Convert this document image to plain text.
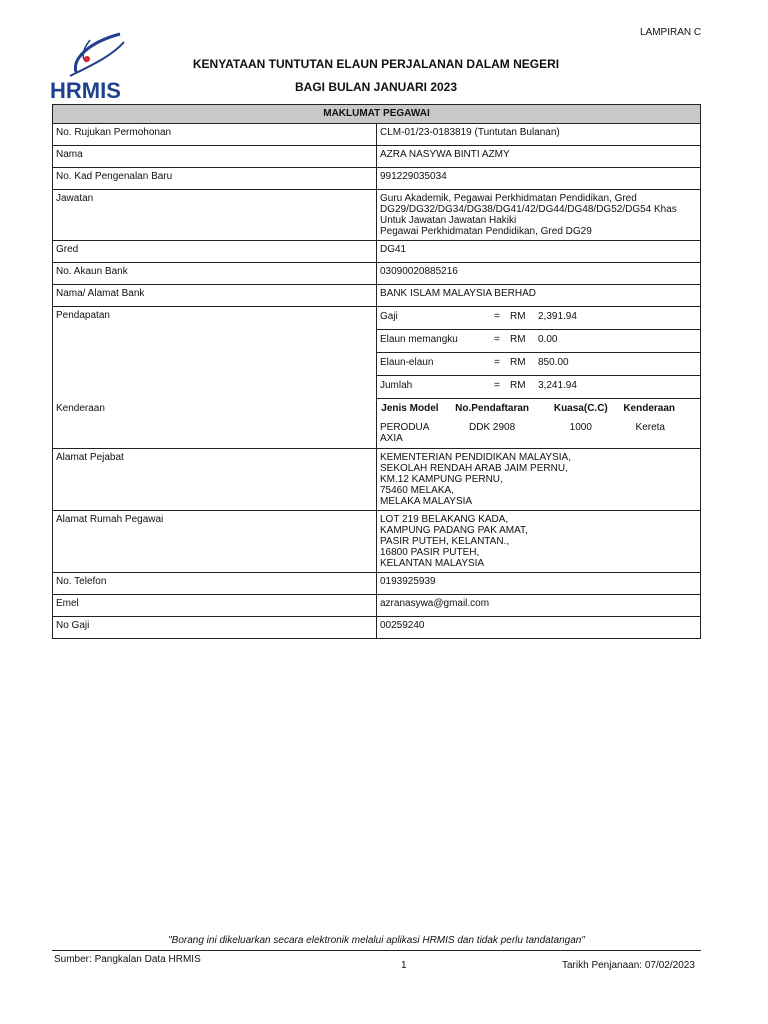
LAMPIRAN C
HRMIS
KENYATAAN TUNTUTAN ELAUN PERJALANAN DALAM NEGERI
BAGI BULAN JANUARI 2023
MAKLUMAT PEGAWAI
No. Rujukan Permohonan	CLM-01/23-0183819 (Tuntutan Bulanan)
Nama	AZRA NASYWA BINTI AZMY
No. Kad Pengenalan Baru	991229035034
Jawatan	Guru Akademik, Pegawai Perkhidmatan Pendidikan, Gred
DG29/DG32/DG34/DG38/DG41/42/DG44/DG48/DG52/DG54 Khas Untuk Jawatan Jawatan Hakiki
Pegawai Perkhidmatan Pendidikan, Gred DG29
Gred	DG41
No. Akaun Bank	03090020885216
Nama/ Alamat Bank	BANK ISLAM MALAYSIA BERHAD
Pendapatan	Gaji	= RM 2,391.94
Elaun memangku	= RM 0.00
Elaun-elaun	= RM 850.00
Jumlah	= RM 3,241.94

Kenderaan		Jenis Model	No.Pendaftaran	Kuasa(C.C)	Kenderaan
PERODUA AXIA	DDK 2908	1000	Kereta

Alamat Pejabat	KEMENTERIAN PENDIDIKAN MALAYSIA,
SEKOLAH RENDAH ARAB JAIM PERNU,
KM.12 KAMPUNG PERNU,
75460 MELAKA,
MELAKA MALAYSIA
Alamat Rumah Pegawai	LOT 219 BELAKANG KADA,
KAMPUNG PADANG PAK AMAT,
PASIR PUTEH, KELANTAN.,
16800 PASIR PUTEH,
KELANTAN MALAYSIA
No. Telefon	0193925939
Emel	azranasywa@gmail.com
No Gaji	00259240
"Borang ini dikeluarkan secara elektronik melalui aplikasi HRMIS dan tidak perlu tandatangan"
Sumber: Pangkalan Data HRMIS
1	Tarikh Penjanaan: 07/02/2023
